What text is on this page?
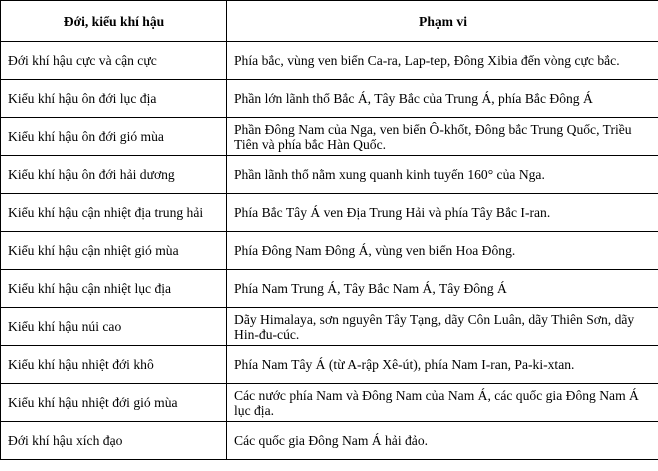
Đới, kiểu khí hậu	Phạm vi
Đới khí hậu cực và cận cực	Phía bắc, vùng ven biển Ca-ra, Lap-tep, Đông Xibia đến vòng cực bắc.
Kiểu khí hậu ôn đới lục địa	Phần lớn lãnh thổ Bắc Á, Tây Bắc của Trung Á, phía Bắc Đông Á
Kiểu khí hậu ôn đới gió mùa	Phần Đông Nam của Nga, ven biển Ô-khốt, Đông bắc Trung Quốc, Triều Tiên và phía bắc Hàn Quốc.
Kiểu khí hậu ôn đới hải dương	Phần lãnh thổ nằm xung quanh kinh tuyến 160° của Nga.
Kiểu khí hậu cận nhiệt địa trung hải	Phía Bắc Tây Á ven Địa Trung Hải và phía Tây Bắc I-ran.
Kiểu khí hậu cận nhiệt gió mùa	Phía Đông Nam Đông Á, vùng ven biển Hoa Đông.
Kiểu khí hậu cận nhiệt lục địa	Phía Nam Trung Á, Tây Bắc Nam Á, Tây Đông Á
Kiểu khí hậu núi cao	Dãy Himalaya, sơn nguyên Tây Tạng, dãy Côn Luân, dãy Thiên Sơn, dãy Hin-đu-cúc.
Kiểu khí hậu nhiệt đới khô	Phía Nam Tây Á (từ A-rập Xê-út), phía Nam I-ran, Pa-ki-xtan.
Kiểu khí hậu nhiệt đới gió mùa	Các nước phía Nam và Đông Nam của Nam Á, các quốc gia Đông Nam Á lục địa.
Đới khí hậu xích đạo	Các quốc gia Đông Nam Á hải đảo.
